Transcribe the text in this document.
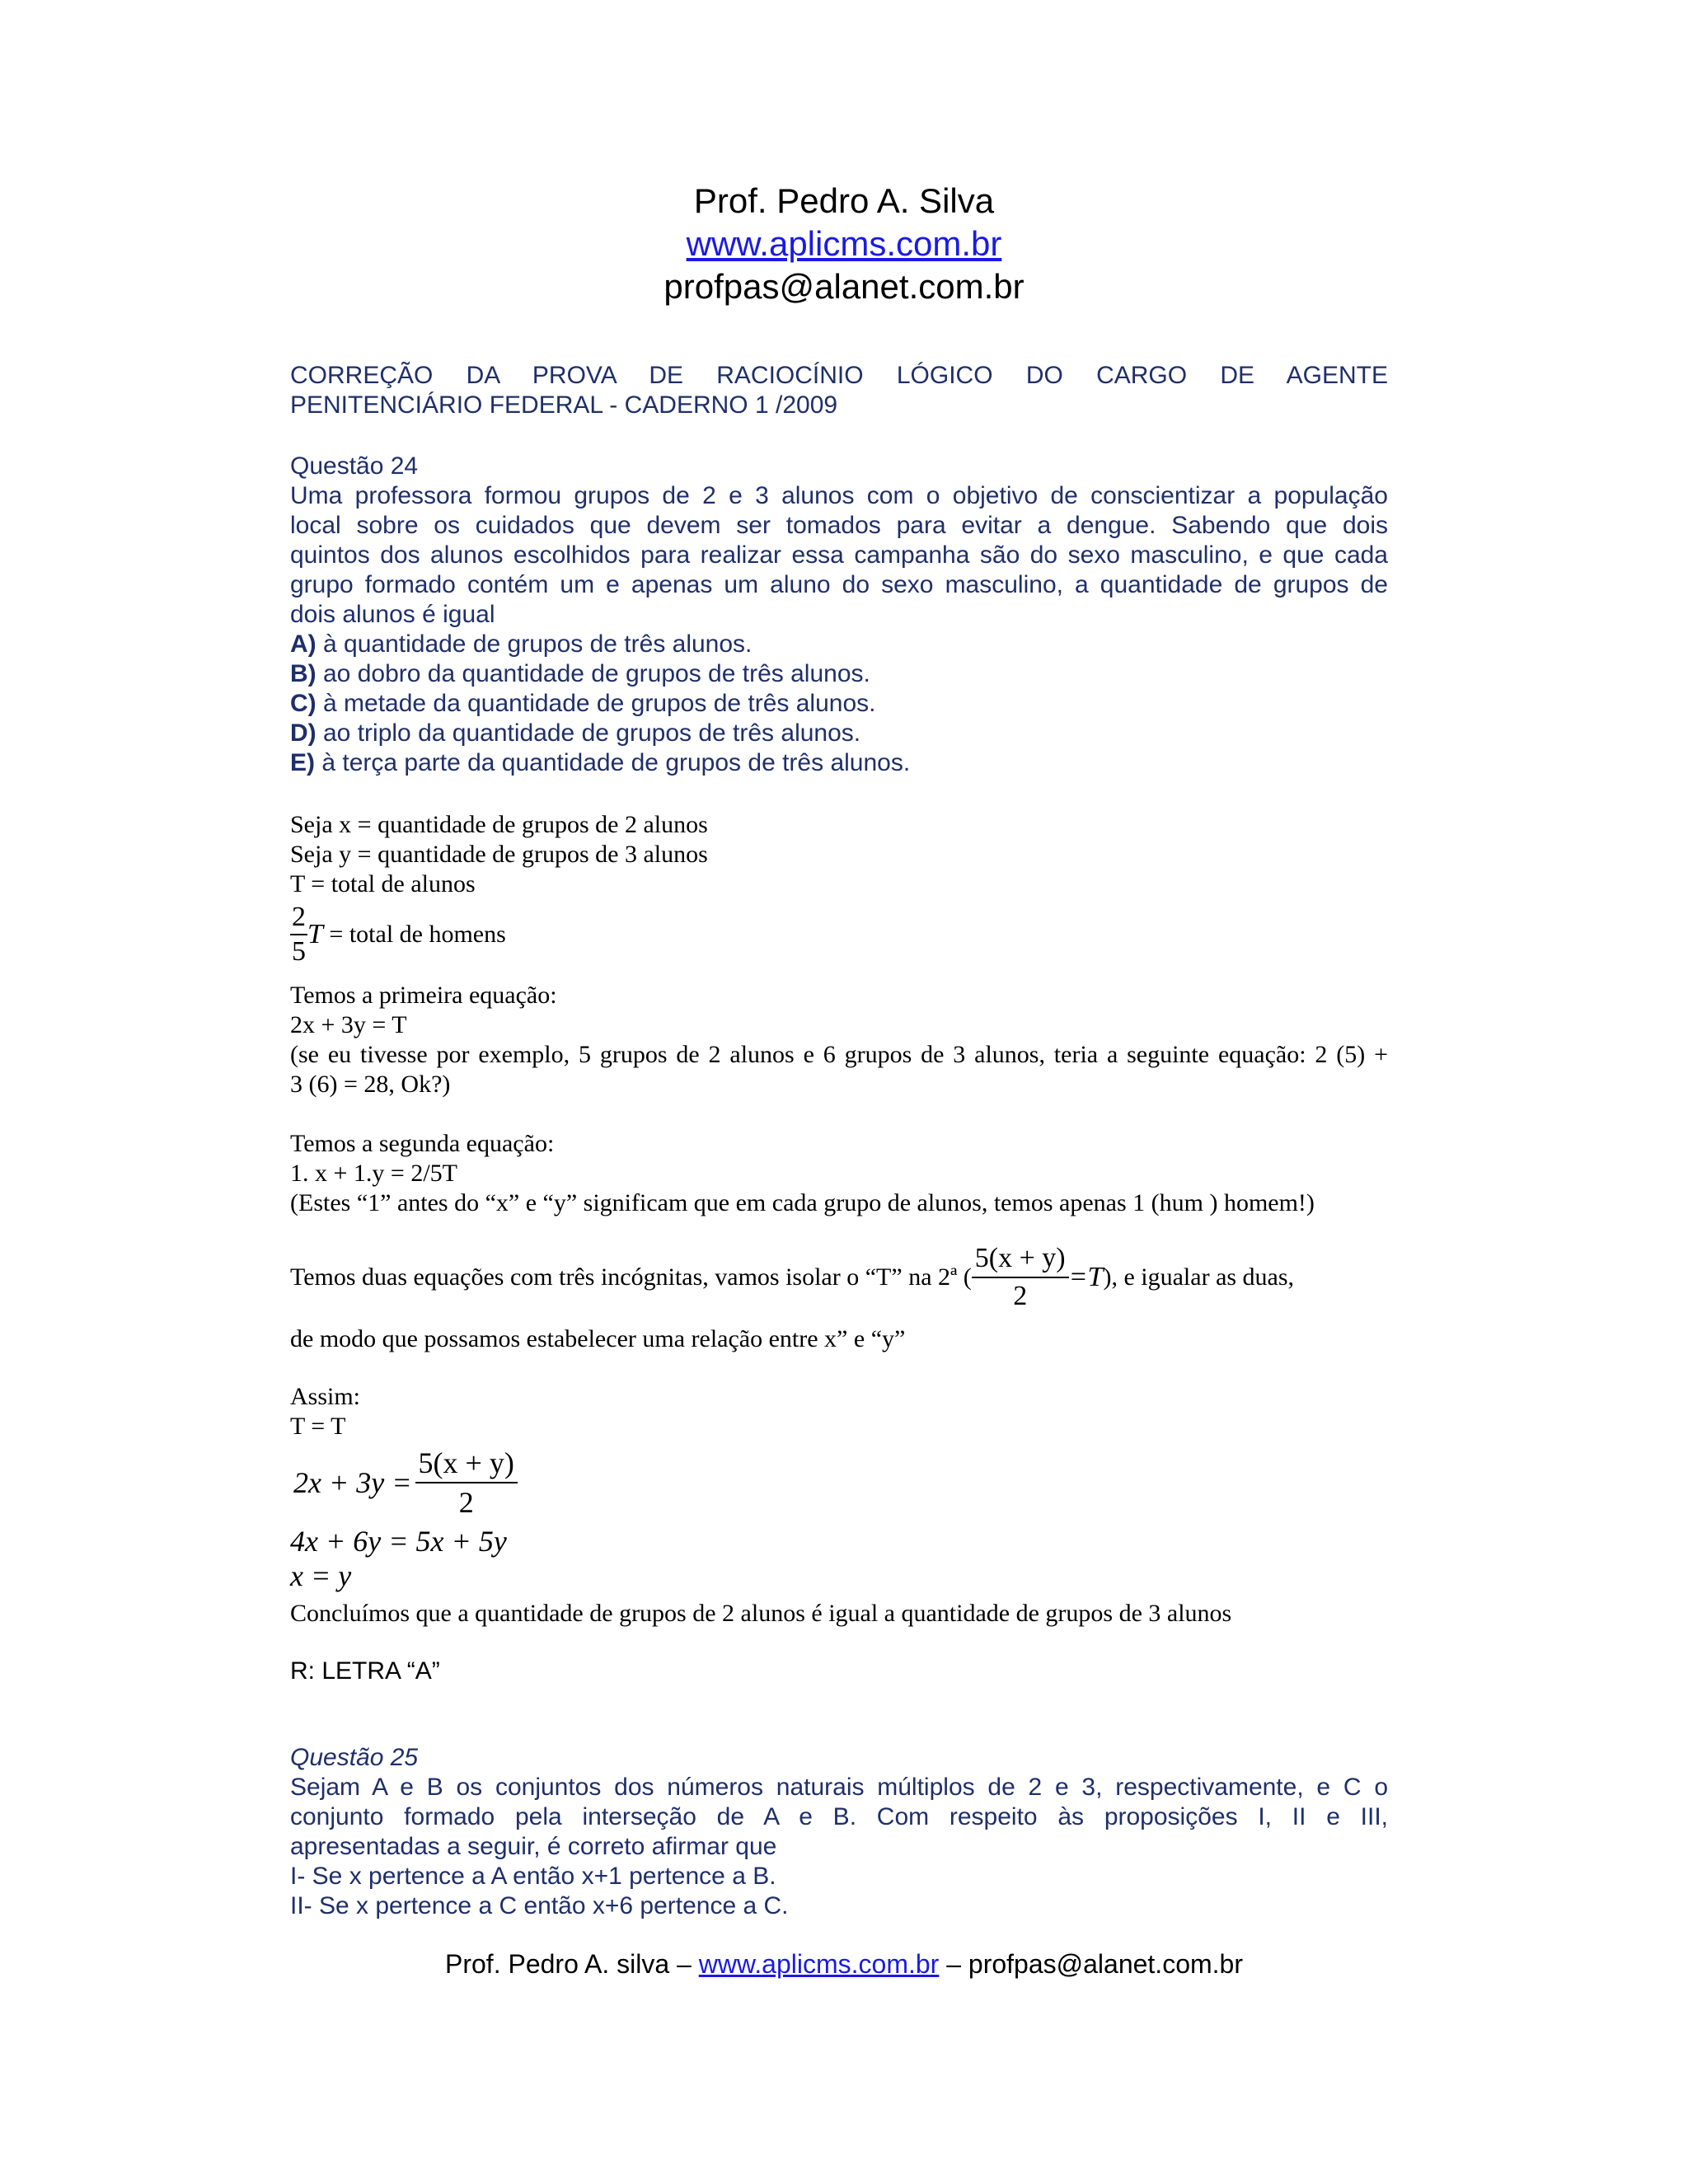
Prof. Pedro A. Silva
www.aplicms.com.br
profpas@alanet.com.br
CORREÇÃO DA PROVA DE RACIOCÍNIO LÓGICO DO CARGO DE AGENTE
PENITENCIÁRIO FEDERAL - CADERNO 1 /2009
Questão 24
Uma professora formou grupos de 2 e 3 alunos com o objetivo de conscientizar a população
local sobre os cuidados que devem ser tomados para evitar a dengue. Sabendo que dois
quintos dos alunos escolhidos para realizar essa campanha são do sexo masculino, e que cada
grupo formado contém um e apenas um aluno do sexo masculino, a quantidade de grupos de
dois alunos é igual
A) à quantidade de grupos de três alunos.
B) ao dobro da quantidade de grupos de três alunos.
C) à metade da quantidade de grupos de três alunos.
D) ao triplo da quantidade de grupos de três alunos.
E) à terça parte da quantidade de grupos de três alunos.
Seja x = quantidade de grupos de 2 alunos
Seja y = quantidade de grupos de 3 alunos
T = total de alunos
$\frac{2}{5}$ T = total de homens
Temos a primeira equação:
2x + 3y = T
(se eu tivesse por exemplo, 5 grupos de 2 alunos e 6 grupos de 3 alunos, teria a seguinte equação: 2 (5) +
3 (6) = 28, Ok?)
Temos a segunda equação:
1. x + 1.y = 2/5T
(Estes “1” antes do “x” e “y” significam que em cada grupo de alunos, temos apenas 1 (hum ) homem!)
Temos duas equações com três incógnitas, vamos isolar o “T” na 2ª ( $\frac{5(x + y)}{2} =T$), e igualar as duas,
de modo que possamos estabelecer uma relação entre x” e “y”
Assim:
T = T
$2x + 3y = \frac{5(x + y)}{2}$
4x + 6y = 5x + 5y
x = y
Concluímos que a quantidade de grupos de 2 alunos é igual a quantidade de grupos de 3 alunos
R: LETRA “A”
Questão 25
Sejam A e B os conjuntos dos números naturais múltiplos de 2 e 3, respectivamente, e C o
conjunto formado pela interseção de A e B. Com respeito às proposições I, II e III,
apresentadas a seguir, é correto afirmar que
I- Se x pertence a A então x+1 pertence a B.
II- Se x pertence a C então x+6 pertence a C.
Prof. Pedro A. silva – www.aplicms.com.br – profpas@alanet.com.br
